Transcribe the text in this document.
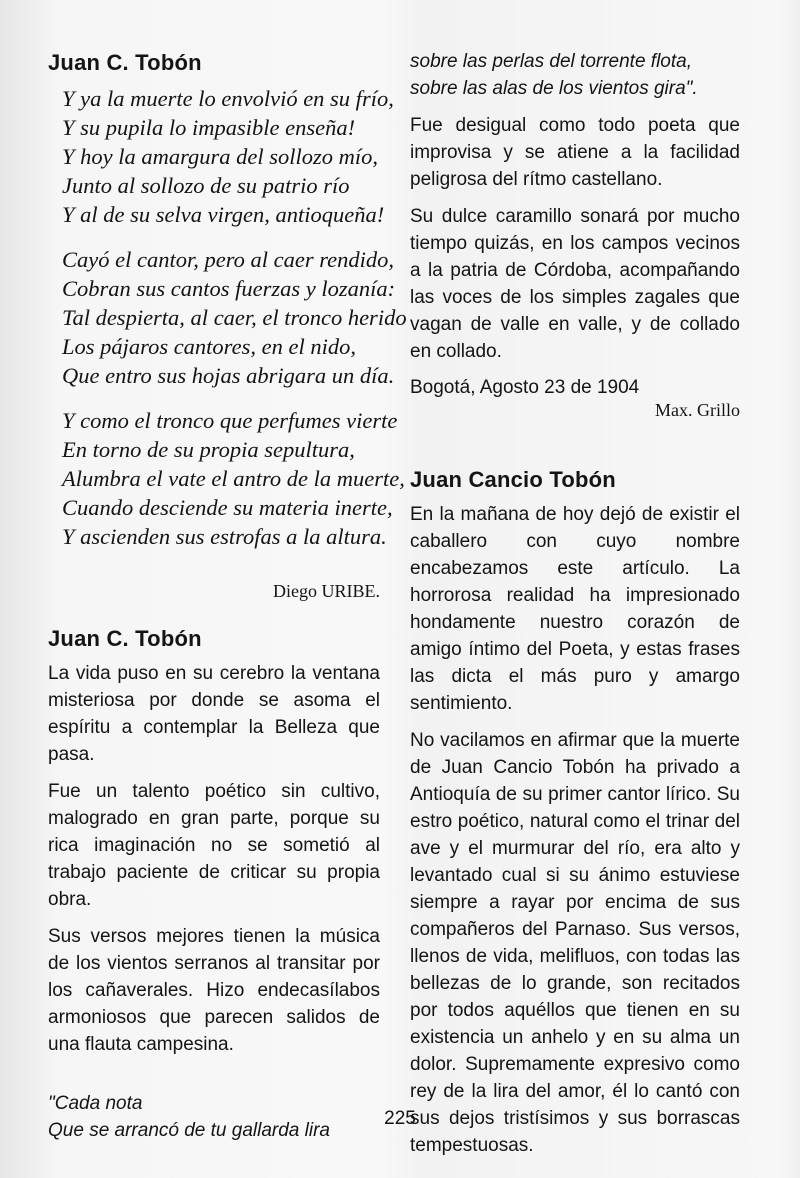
Juan C. Tobón
Y ya la muerte lo envolvió en su frío,
Y su pupila lo impasible enseña!
Y hoy la amargura del sollozo mío,
Junto al sollozo de su patrio río
Y al de su selva virgen, antioqueña!
Cayó el cantor, pero al caer rendido,
Cobran sus cantos fuerzas y lozanía:
Tal despierta, al caer, el tronco herido
Los pájaros cantores, en el nido,
Que entro sus hojas abrigara un día.
Y como el tronco que perfumes vierte
En torno de su propia sepultura,
Alumbra el vate el antro de la muerte,
Cuando desciende su materia inerte,
Y ascienden sus estrofas a la altura.

Diego URIBE.

Juan C. Tobón

La vida puso en su cerebro la ventana misteriosa por donde se asoma el espíritu a contemplar la Belleza que pasa.

Fue un talento poético sin cultivo, malogrado en gran parte, porque su rica imaginación no se sometió al trabajo paciente de criticar su propia obra.

Sus versos mejores tienen la música de los vientos serranos al transitar por los cañaverales. Hizo endecasílabos armoniosos que parecen salidos de una flauta campesina.

"Cada nota
Que se arrancó de tu gallarda lira
sobre las perlas del torrente flota,
sobre las alas de los vientos gira".

Fue desigual como todo poeta que improvisa y se atiene a la facilidad peligrosa del rítmo castellano.

Su dulce caramillo sonará por mucho tiempo quizás, en los campos vecinos a la patria de Córdoba, acompañando las voces de los simples zagales que vagan de valle en valle, y de collado en collado.

Bogotá, Agosto 23 de 1904

Max. Grillo

Juan Cancio Tobón

En la mañana de hoy dejó de existir el caballero con cuyo nombre encabezamos este artículo. La horrorosa realidad ha impresionado hondamente nuestro corazón de amigo íntimo del Poeta, y estas frases las dicta el más puro y amargo sentimiento.

No vacilamos en afirmar que la muerte de Juan Cancio Tobón ha privado a Antioquía de su primer cantor lírico. Su estro poético, natural como el trinar del ave y el murmurar del río, era alto y levantado cual si su ánimo estuviese siempre a rayar por encima de sus compañeros del Parnaso. Sus versos, llenos de vida, melifluos, con todas las bellezas de lo grande, son recitados por todos aquéllos que tienen en su existencia un anhelo y en su alma un dolor. Supremamente expresivo como rey de la lira del amor, él lo cantó con sus dejos tristísimos y sus borrascas tempestuosas.

225
